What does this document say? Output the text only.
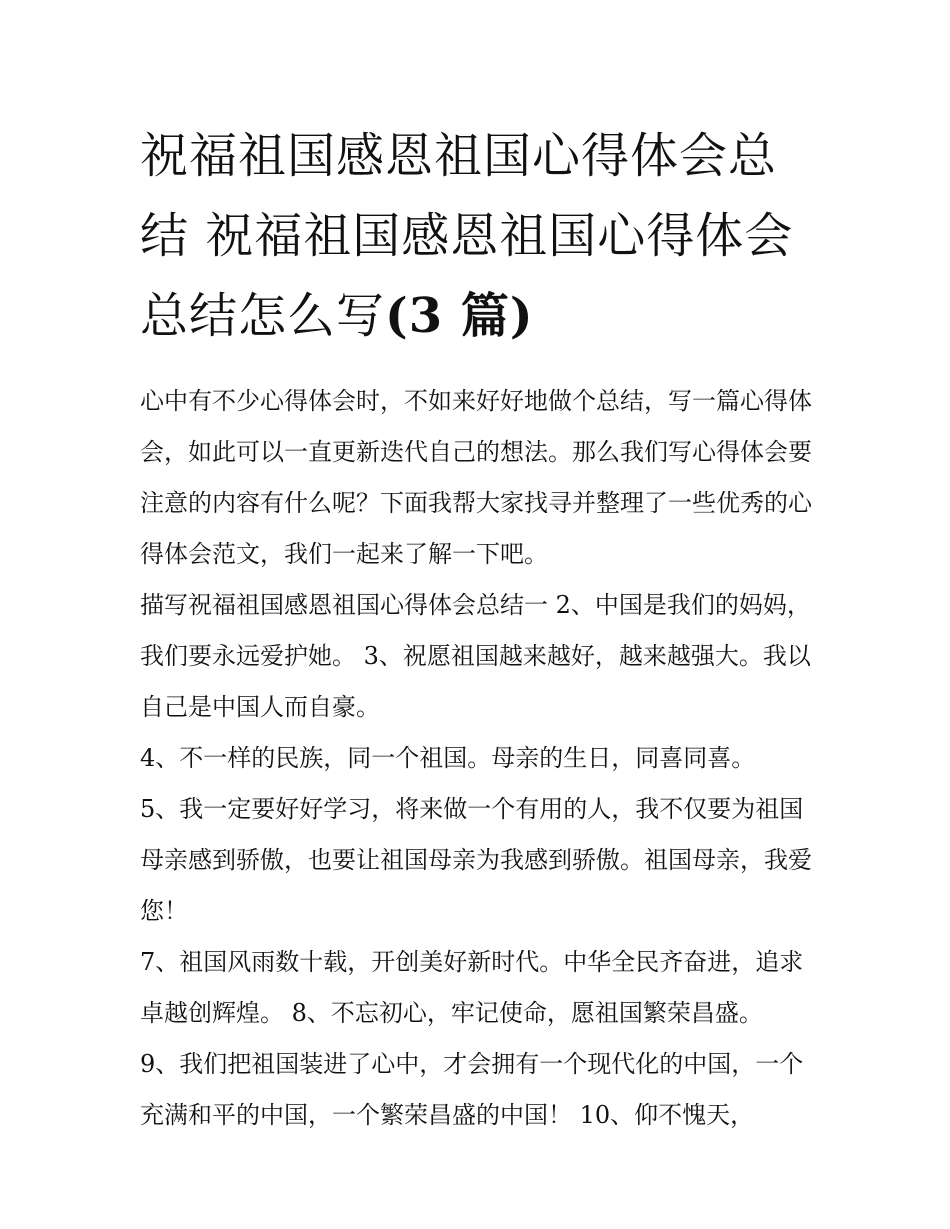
祝福祖国感恩祖国心得体会总结 祝福祖国感恩祖国心得体会总结怎么写(3 篇)

心中有不少心得体会时，不如来好好地做个总结，写一篇心得体会，如此可以一直更新迭代自己的想法。那么我们写心得体会要注意的内容有什么呢？下面我帮大家找寻并整理了一些优秀的心得体会范文，我们一起来了解一下吧。

描写祝福祖国感恩祖国心得体会总结一 2、中国是我们的妈妈，我们要永远爱护她。 3、祝愿祖国越来越好，越来越强大。我以自己是中国人而自豪。

4、不一样的民族，同一个祖国。母亲的生日，同喜同喜。

5、我一定要好好学习，将来做一个有用的人，我不仅要为祖国母亲感到骄傲，也要让祖国母亲为我感到骄傲。祖国母亲，我爱您！

7、祖国风雨数十载，开创美好新时代。中华全民齐奋进，追求卓越创辉煌。 8、不忘初心，牢记使命，愿祖国繁荣昌盛。

9、我们把祖国装进了心中，才会拥有一个现代化的中国，一个充满和平的中国，一个繁荣昌盛的中国！ 10、仰不愧天，
